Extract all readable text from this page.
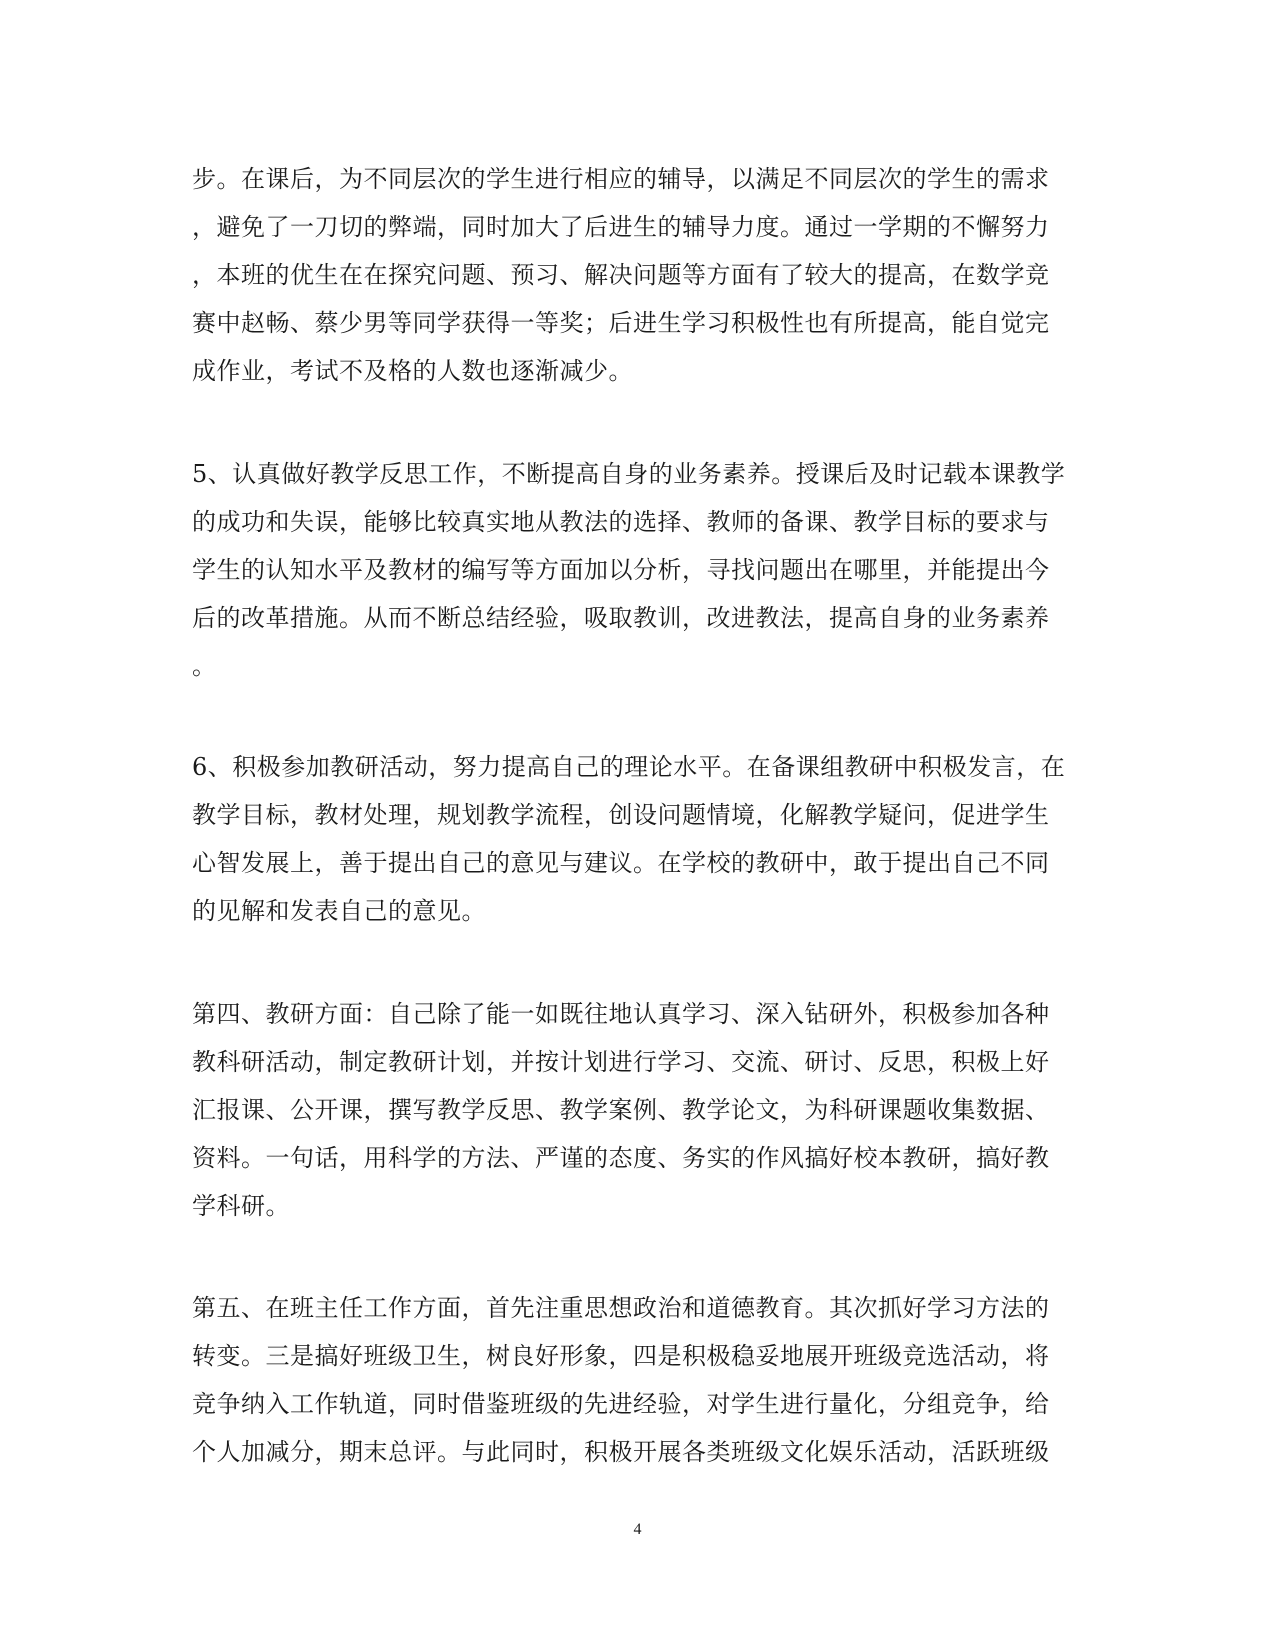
步。在课后，为不同层次的学生进行相应的辅导，以满足不同层次的学生的需求
，避免了一刀切的弊端，同时加大了后进生的辅导力度。通过一学期的不懈努力
，本班的优生在在探究问题、预习、解决问题等方面有了较大的提高，在数学竞
赛中赵畅、蔡少男等同学获得一等奖；后进生学习积极性也有所提高，能自觉完
成作业，考试不及格的人数也逐渐减少。
5、认真做好教学反思工作，不断提高自身的业务素养。授课后及时记载本课教学
的成功和失误，能够比较真实地从教法的选择、教师的备课、教学目标的要求与
学生的认知水平及教材的编写等方面加以分析，寻找问题出在哪里，并能提出今
后的改革措施。从而不断总结经验，吸取教训，改进教法，提高自身的业务素养
。
6、积极参加教研活动，努力提高自己的理论水平。在备课组教研中积极发言，在
教学目标，教材处理，规划教学流程，创设问题情境，化解教学疑问，促进学生
心智发展上，善于提出自己的意见与建议。在学校的教研中，敢于提出自己不同
的见解和发表自己的意见。
第四、教研方面：自己除了能一如既往地认真学习、深入钻研外，积极参加各种
教科研活动，制定教研计划，并按计划进行学习、交流、研讨、反思，积极上好
汇报课、公开课，撰写教学反思、教学案例、教学论文，为科研课题收集数据、
资料。一句话，用科学的方法、严谨的态度、务实的作风搞好校本教研，搞好教
学科研。
第五、在班主任工作方面，首先注重思想政治和道德教育。其次抓好学习方法的
转变。三是搞好班级卫生，树良好形象，四是积极稳妥地展开班级竞选活动，将
竞争纳入工作轨道，同时借鉴班级的先进经验，对学生进行量化，分组竞争，给
个人加减分，期末总评。与此同时，积极开展各类班级文化娱乐活动，活跃班级
4
